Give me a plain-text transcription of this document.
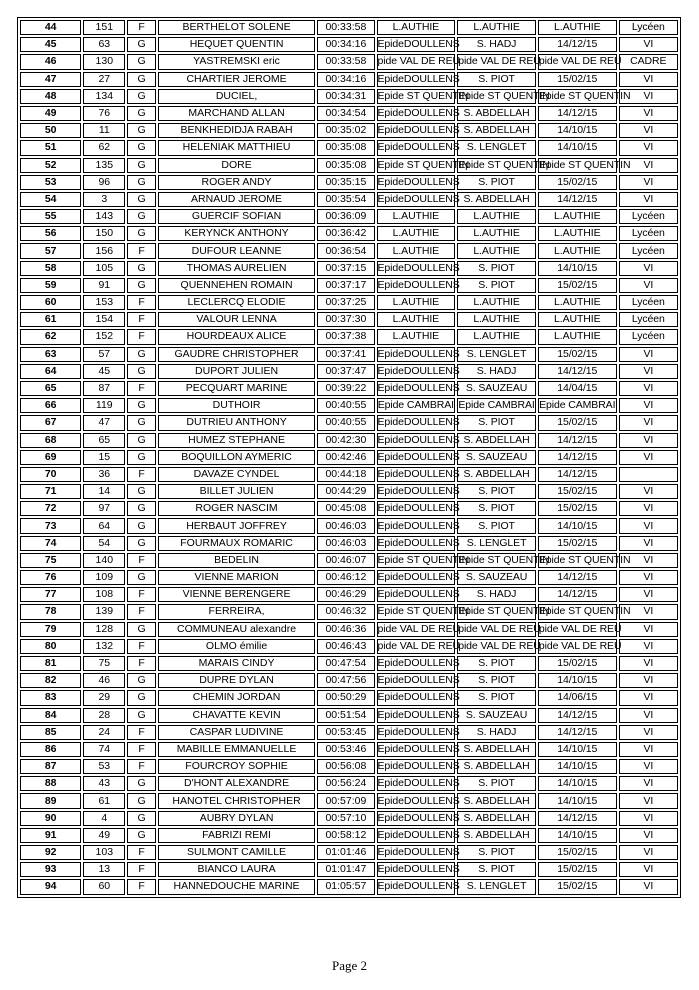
44	151	F	BERTHELOT SOLENE	00:33:58	L.AUTHIE	L.AUTHIE	L.AUTHIE	Lycéen
45	63	G	HEQUET QUENTIN	00:34:16	EpideDOULLENS	S. HADJ	14/12/15	VI
46	130	G	YASTREMSKI eric	00:33:58	pide VAL DE REU	pide VAL DE REU	pide VAL DE REU	CADRE
47	27	G	CHARTIER JEROME	00:34:16	EpideDOULLENS	S. PIOT	15/02/15	VI
48	134	G	DUCIEL,	00:34:31	Epide ST QUENTIN	Epide ST QUENTIN	Epide ST QUENTIN	VI
49	76	G	MARCHAND ALLAN	00:34:54	EpideDOULLENS	S. ABDELLAH	14/12/15	VI
50	11	G	BENKHEDIDJA RABAH	00:35:02	EpideDOULLENS	S. ABDELLAH	14/10/15	VI
51	62	G	HELENIAK MATTHIEU	00:35:08	EpideDOULLENS	S. LENGLET	14/10/15	VI
52	135	G	DORE	00:35:08	Epide ST QUENTIN	Epide ST QUENTIN	Epide ST QUENTIN	VI
53	96	G	ROGER ANDY	00:35:15	EpideDOULLENS	S. PIOT	15/02/15	VI
54	3	G	ARNAUD JEROME	00:35:54	EpideDOULLENS	S. ABDELLAH	14/12/15	VI
55	143	G	GUERCIF SOFIAN	00:36:09	L.AUTHIE	L.AUTHIE	L.AUTHIE	Lycéen
56	150	G	KERYNCK ANTHONY	00:36:42	L.AUTHIE	L.AUTHIE	L.AUTHIE	Lycéen
57	156	F	DUFOUR LEANNE	00:36:54	L.AUTHIE	L.AUTHIE	L.AUTHIE	Lycéen
58	105	G	THOMAS AURELIEN	00:37:15	EpideDOULLENS	S. PIOT	14/10/15	VI
59	91	G	QUENNEHEN ROMAIN	00:37:17	EpideDOULLENS	S. PIOT	15/02/15	VI
60	153	F	LECLERCQ ELODIE	00:37:25	L.AUTHIE	L.AUTHIE	L.AUTHIE	Lycéen
61	154	F	VALOUR LENNA	00:37:30	L.AUTHIE	L.AUTHIE	L.AUTHIE	Lycéen
62	152	F	HOURDEAUX ALICE	00:37:38	L.AUTHIE	L.AUTHIE	L.AUTHIE	Lycéen
63	57	G	GAUDRE CHRISTOPHER	00:37:41	EpideDOULLENS	S. LENGLET	15/02/15	VI
64	45	G	DUPORT JULIEN	00:37:47	EpideDOULLENS	S. HADJ	14/12/15	VI
65	87	F	PECQUART MARINE	00:39:22	EpideDOULLENS	S. SAUZEAU	14/04/15	VI
66	119	G	DUTHOIR	00:40:55	Epide CAMBRAI	Epide CAMBRAI	Epide CAMBRAI	VI
67	47	G	DUTRIEU ANTHONY	00:40:55	EpideDOULLENS	S. PIOT	15/02/15	VI
68	65	G	HUMEZ STEPHANE	00:42:30	EpideDOULLENS	S. ABDELLAH	14/12/15	VI
69	15	G	BOQUILLON AYMERIC	00:42:46	EpideDOULLENS	S. SAUZEAU	14/12/15	VI
70	36	F	DAVAZE CYNDEL	00:44:18	EpideDOULLENS	S. ABDELLAH	14/12/15	
71	14	G	BILLET JULIEN	00:44:29	EpideDOULLENS	S. PIOT	15/02/15	VI
72	97	G	ROGER NASCIM	00:45:08	EpideDOULLENS	S. PIOT	15/02/15	VI
73	64	G	HERBAUT JOFFREY	00:46:03	EpideDOULLENS	S. PIOT	14/10/15	VI
74	54	G	FOURMAUX ROMARIC	00:46:03	EpideDOULLENS	S. LENGLET	15/02/15	VI
75	140	F	BEDELIN	00:46:07	Epide ST QUENTIN	Epide ST QUENTIN	Epide ST QUENTIN	VI
76	109	G	VIENNE MARION	00:46:12	EpideDOULLENS	S. SAUZEAU	14/12/15	VI
77	108	F	VIENNE BERENGERE	00:46:29	EpideDOULLENS	S. HADJ	14/12/15	VI
78	139	F	FERREIRA,	00:46:32	Epide ST QUENTIN	Epide ST QUENTIN	Epide ST QUENTIN	VI
79	128	G	COMMUNEAU alexandre	00:46:36	pide VAL DE REU	pide VAL DE REU	pide VAL DE REU	VI
80	132	F	OLMO émilie	00:46:43	pide VAL DE REU	pide VAL DE REU	pide VAL DE REU	VI
81	75	F	MARAIS CINDY	00:47:54	EpideDOULLENS	S. PIOT	15/02/15	VI
82	46	G	DUPRE DYLAN	00:47:56	EpideDOULLENS	S. PIOT	14/10/15	VI
83	29	G	CHEMIN JORDAN	00:50:29	EpideDOULLENS	S. PIOT	14/06/15	VI
84	28	G	CHAVATTE KEVIN	00:51:54	EpideDOULLENS	S. SAUZEAU	14/12/15	VI
85	24	F	CASPAR LUDIVINE	00:53:45	EpideDOULLENS	S. HADJ	14/12/15	VI
86	74	F	MABILLE EMMANUELLE	00:53:46	EpideDOULLENS	S. ABDELLAH	14/10/15	VI
87	53	F	FOURCROY SOPHIE	00:56:08	EpideDOULLENS	S. ABDELLAH	14/10/15	VI
88	43	G	D'HONT ALEXANDRE	00:56:24	EpideDOULLENS	S. PIOT	14/10/15	VI
89	61	G	HANOTEL CHRISTOPHER	00:57:09	EpideDOULLENS	S. ABDELLAH	14/10/15	VI
90	4	G	AUBRY DYLAN	00:57:10	EpideDOULLENS	S. ABDELLAH	14/12/15	VI
91	49	G	FABRIZI REMI	00:58:12	EpideDOULLENS	S. ABDELLAH	14/10/15	VI
92	103	F	SULMONT CAMILLE	01:01:46	EpideDOULLENS	S. PIOT	15/02/15	VI
93	13	F	BIANCO LAURA	01:01:47	EpideDOULLENS	S. PIOT	15/02/15	VI
94	60	F	HANNEDOUCHE MARINE	01:05:57	EpideDOULLENS	S. LENGLET	15/02/15	VI
Page 2
